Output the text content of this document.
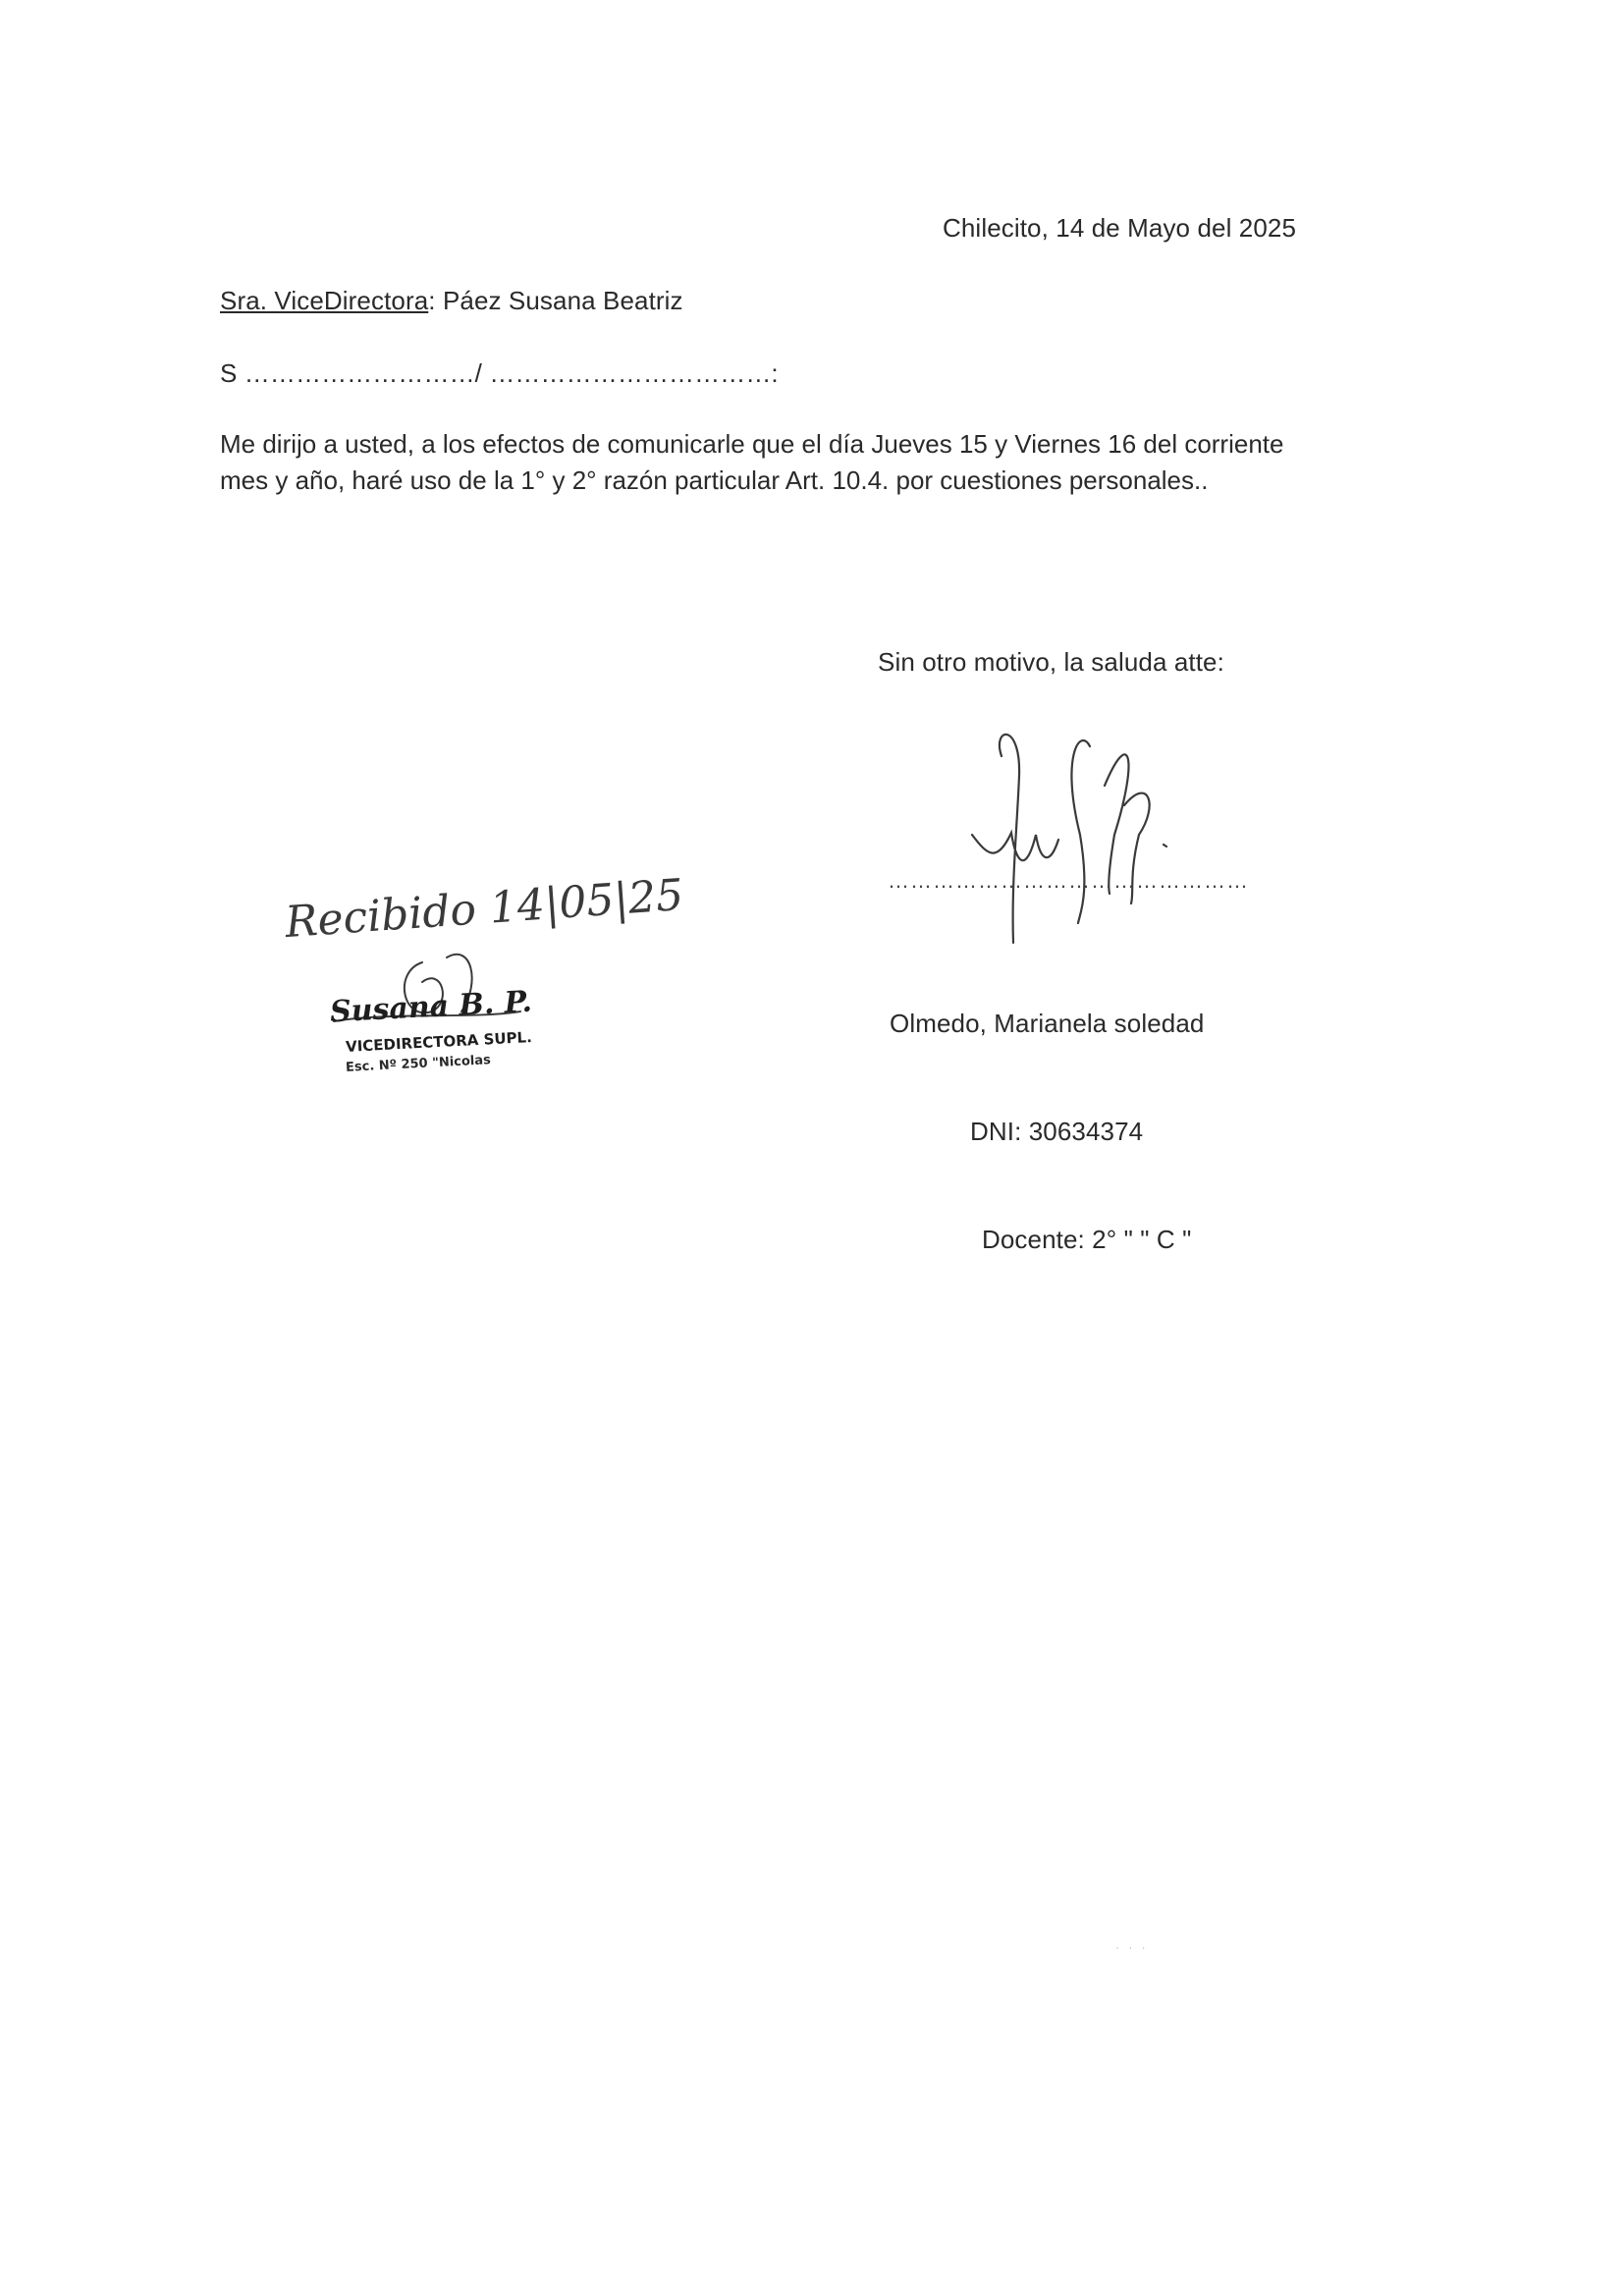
Chilecito, 14 de Mayo del 2025
Sra. ViceDirectora: Páez Susana Beatriz
S ………………………/ ……………………………:
Me dirijo a usted, a los efectos de comunicarle que el día Jueves 15 y Viernes 16 del corriente mes y año, haré uso de la 1° y 2° razón particular Art. 10.4. por cuestiones personales..
Sin otro motivo, la saluda atte:
…………………………………………
Olmedo, Marianela soledad
DNI: 30634374
Docente: 2° " " C "
Recibido 14|05|25
Susana B. P.
VICEDIRECTORA SUPL.
Esc. Nº 250 "Nicolas
· · ·
